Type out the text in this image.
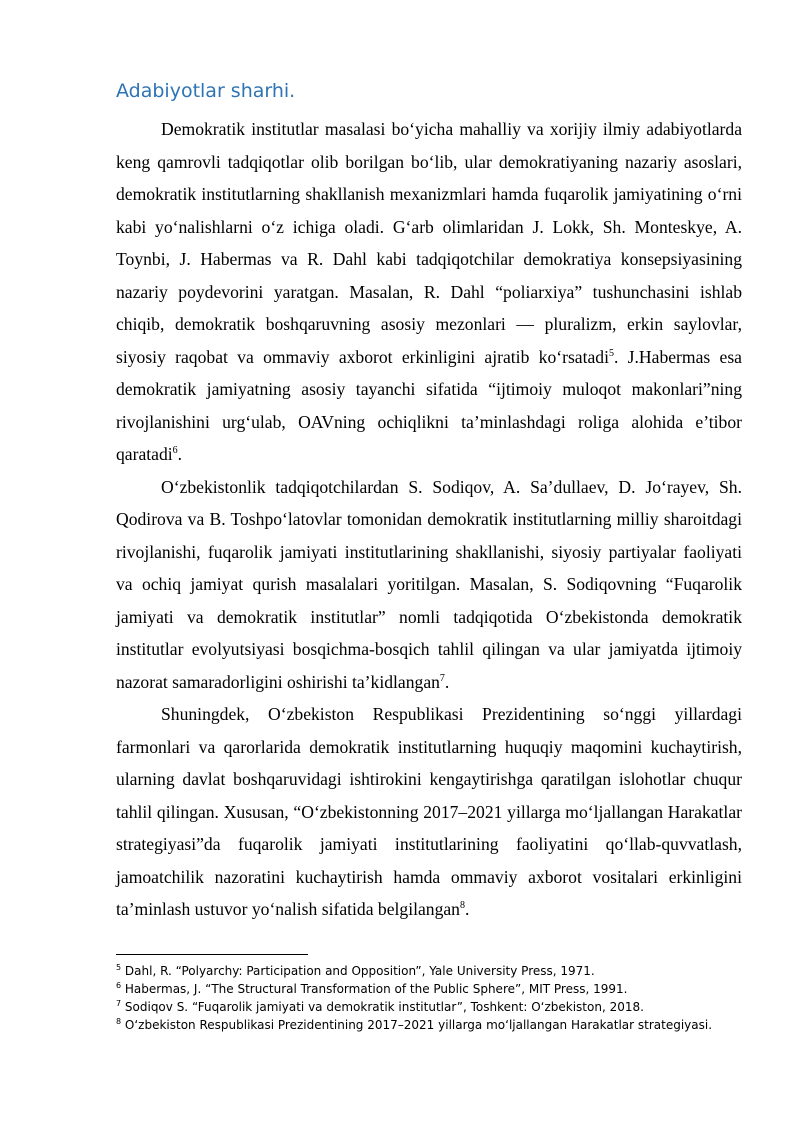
Adabiyotlar sharhi.

Demokratik institutlar masalasi bo‘yicha mahalliy va xorijiy ilmiy adabiyotlarda keng qamrovli tadqiqotlar olib borilgan bo‘lib, ular demokratiyaning nazariy asoslari, demokratik institutlarning shakllanish mexanizmlari hamda fuqarolik jamiyatining o‘rni kabi yo‘nalishlarni o‘z ichiga oladi. G‘arb olimlaridan J. Lokk, Sh. Monteskye, A. Toynbi, J. Habermas va R. Dahl kabi tadqiqotchilar demokratiya konsepsiyasining nazariy poydevorini yaratgan. Masalan, R. Dahl “poliarxiya” tushunchasini ishlab chiqib, demokratik boshqaruvning asosiy mezonlari — pluralizm, erkin saylovlar, siyosiy raqobat va ommaviy axborot erkinligini ajratib ko‘rsatadi$^5$. J.Habermas esa demokratik jamiyatning asosiy tayanchi sifatida “ijtimoiy muloqot makonlari”ning rivojlanishini urg‘ulab, OAVning ochiqlikni ta’minlashdagi roliga alohida e’tibor qaratadi$^6$.

O‘zbekistonlik tadqiqotchilardan S. Sodiqov, A. Sa’dullaev, D. Jo‘rayev, Sh. Qodirova va B. Toshpo‘latovlar tomonidan demokratik institutlarning milliy sharoitdagi rivojlanishi, fuqarolik jamiyati institutlarining shakllanishi, siyosiy partiyalar faoliyati va ochiq jamiyat qurish masalalari yoritilgan. Masalan, S. Sodiqovning “Fuqarolik jamiyati va demokratik institutlar” nomli tadqiqotida O‘zbekistonda demokratik institutlar evolyutsiyasi bosqichma-bosqich tahlil qilingan va ular jamiyatda ijtimoiy nazorat samaradorligini oshirishi ta’kidlangan$^7$.

Shuningdek, O‘zbekiston Respublikasi Prezidentining so‘nggi yillardagi farmonlari va qarorlarida demokratik institutlarning huquqiy maqomini kuchaytirish, ularning davlat boshqaruvidagi ishtirokini kengaytirishga qaratilgan islohotlar chuqur tahlil qilingan. Xususan, “O‘zbekistonning 2017–2021 yillarga mo‘ljallangan Harakatlar strategiyasi”da fuqarolik jamiyati institutlarining faoliyatini qo‘llab-quvvatlash, jamoatchilik nazoratini kuchaytirish hamda ommaviy axborot vositalari erkinligini ta’minlash ustuvor yo‘nalish sifatida belgilangan$^8$.

$^5$ Dahl, R. “Polyarchy: Participation and Opposition”, Yale University Press, 1971.
$^6$ Habermas, J. “The Structural Transformation of the Public Sphere”, MIT Press, 1991.
$^7$ Sodiqov S. “Fuqarolik jamiyati va demokratik institutlar”, Toshkent: O‘zbekiston, 2018.
$^8$ O‘zbekiston Respublikasi Prezidentining 2017–2021 yillarga mo‘ljallangan Harakatlar strategiyasi.
